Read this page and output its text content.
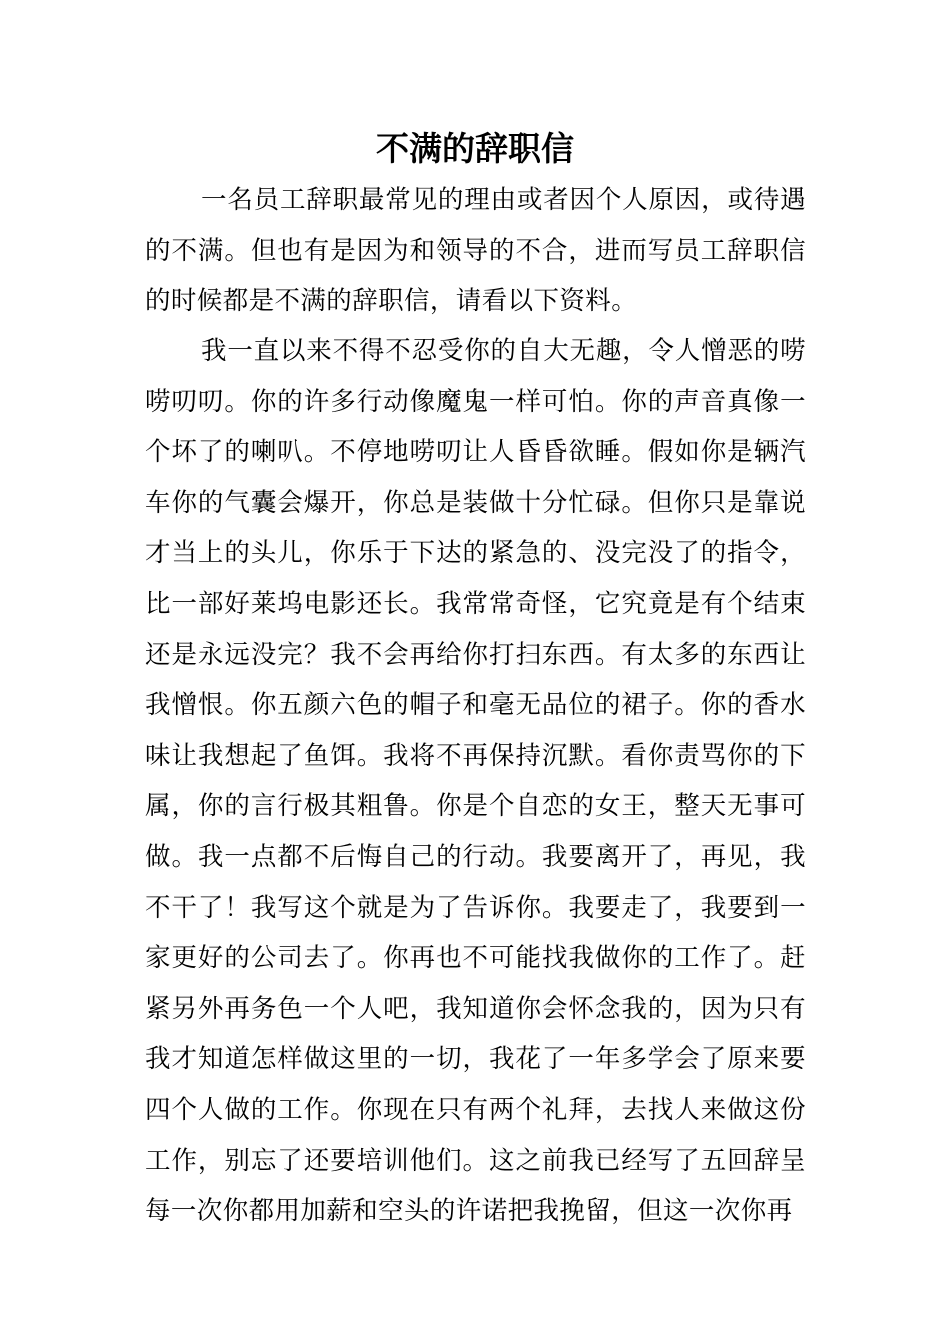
不满的辞职信

一名员工辞职最常见的理由或者因个人原因，或待遇的不满。但也有是因为和领导的不合，进而写员工辞职信的时候都是不满的辞职信，请看以下资料。

我一直以来不得不忍受你的自大无趣，令人憎恶的唠唠叨叨。你的许多行动像魔鬼一样可怕。你的声音真像一个坏了的喇叭。不停地唠叨让人昏昏欲睡。假如你是辆汽车你的气囊会爆开，你总是装做十分忙碌。但你只是靠说才当上的头儿，你乐于下达的紧急的、没完没了的指令，比一部好莱坞电影还长。我常常奇怪，它究竟是有个结束还是永远没完？我不会再给你打扫东西。有太多的东西让我憎恨。你五颜六色的帽子和毫无品位的裙子。你的香水味让我想起了鱼饵。我将不再保持沉默。看你责骂你的下属，你的言行极其粗鲁。你是个自恋的女王，整天无事可做。我一点都不后悔自己的行动。我要离开了，再见，我不干了！我写这个就是为了告诉你。我要走了，我要到一家更好的公司去了。你再也不可能找我做你的工作了。赶紧另外再务色一个人吧，我知道你会怀念我的，因为只有我才知道怎样做这里的一切，我花了一年多学会了原来要四个人做的工作。你现在只有两个礼拜，去找人来做这份工作，别忘了还要培训他们。这之前我已经写了五回辞呈每一次你都用加薪和空头的许诺把我挽留，但这一次你再
